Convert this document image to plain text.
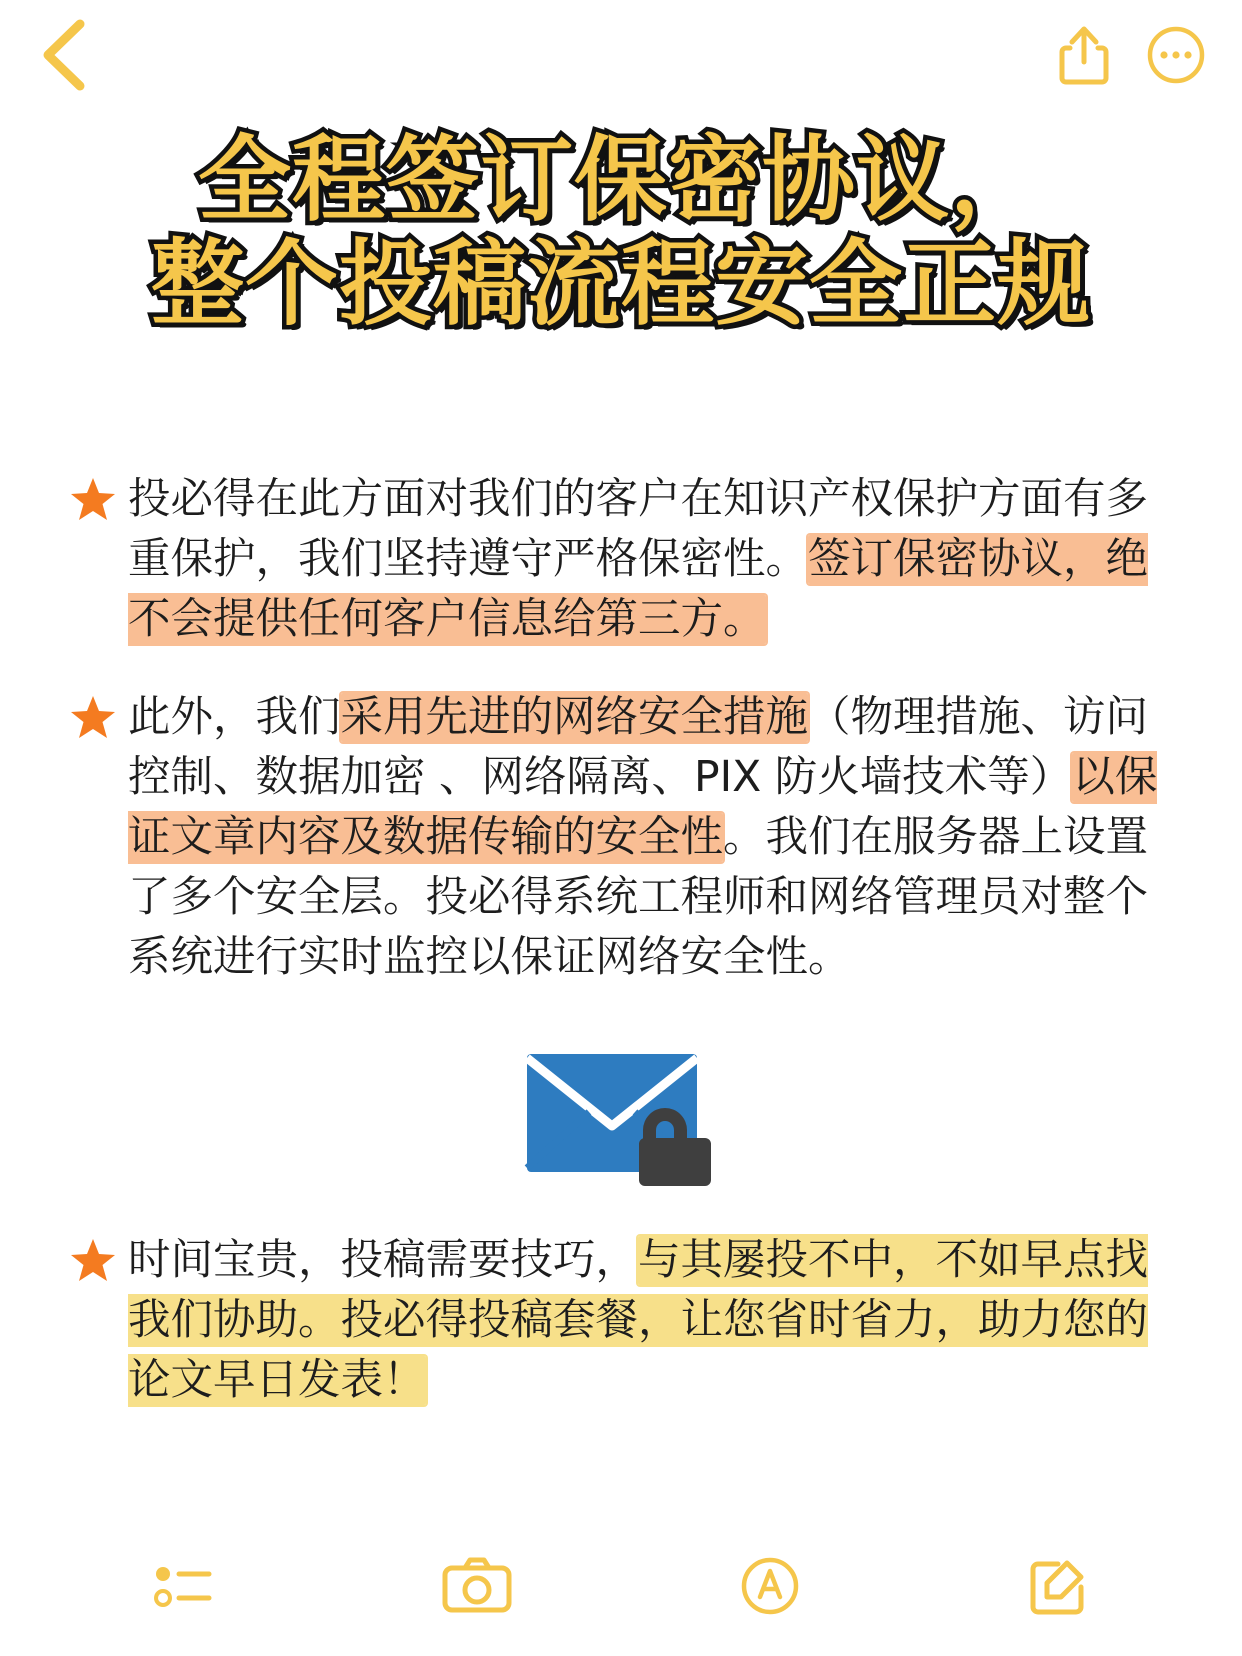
全程签订保密协议，
整个投稿流程安全正规
投必得在此方面对我们的客户在知识产权保护方面有多重保护，我们坚持遵守严格保密性。签订保密协议，绝不会提供任何客户信息给第三方。
此外，我们采用先进的网络安全措施（物理措施、访问控制、数据加密 、网络隔离、PIX 防火墙技术等）以保证文章内容及数据传输的安全性。我们在服务器上设置了多个安全层。投必得系统工程师和网络管理员对整个系统进行实时监控以保证网络安全性。
时间宝贵，投稿需要技巧，与其屡投不中，不如早点找我们协助。投必得投稿套餐，让您省时省力，助力您的论文早日发表！
